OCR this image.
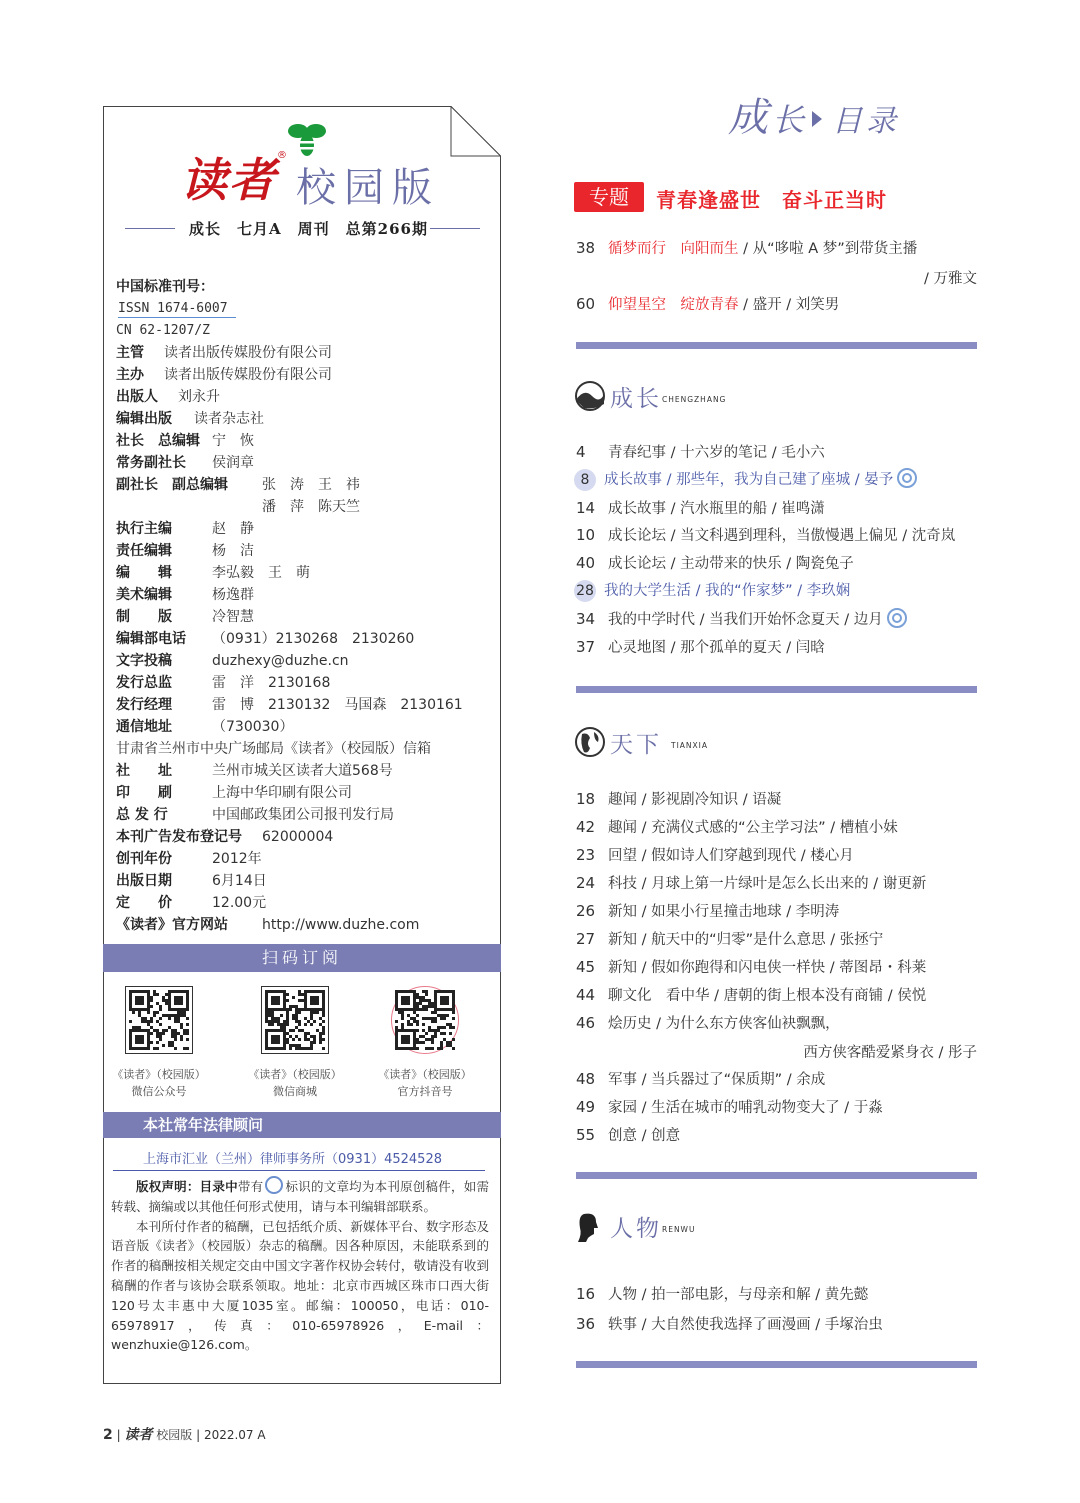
读者 ®
校园版
成长　七月A　周刊　总第266期
中国标准刊号：
ISSN 1674-6007
CN 62-1207/Z
主管 读者出版传媒股份有限公司
主办 读者出版传媒股份有限公司
出版人 刘永升
编辑出版 读者杂志社
社长　总编辑 宁　恢
常务副社长 侯润章
副社长　副总编辑 张　涛　王　祎
潘　萍　陈天竺
执行主编	赵　静
责任编辑	杨　洁
编　　辑	李弘毅　王　萌
美术编辑	杨逸群
制　　版	冷智慧
编辑部电话 （0931）2130268　2130260
文字投稿	duzhexy@duzhe.cn
发行总监	雷　洋　2130168
发行经理	雷　博　2130132　马国森　2130161
通信地址	（730030）
甘肃省兰州市中央广场邮局《读者》（校园版）信箱
社　　址	兰州市城关区读者大道568号
印　　刷	上海中华印刷有限公司
总 发 行	中国邮政集团公司报刊发行局
本刊广告发布登记号 62000004
创刊年份	2012年
出版日期	6月14日
定　　价	12.00元
《读者》官方网站 http://www.duzhe.com
扫码订阅
《读者》（校园版）
微信公众号
《读者》（校园版）
微信商城
《读者》（校园版）
官方抖音号
本社常年法律顾问
上海市汇业（兰州）律师事务所（0931）4524528

版权声明：目录中带有 标识的文章均为本刊原创稿件，如需转载、摘编或以其他任何形式使用，请与本刊编辑部联系。

本刊所付作者的稿酬，已包括纸介质、新媒体平台、数字形态及语音版《读者》（校园版）杂志的稿酬。因各种原因，未能联系到的作者的稿酬按相关规定交由中国文字著作权协会转付，敬请没有收到稿酬的作者与该协会联系领取。地址：北京市西城区珠市口西大街120号太丰惠中大厦1035室。邮编：100050，电话：010-65978917，传真：010-65978926，E-mail：wenzhuxie@126.com。

成 长 目录
专题	青春逢盛世　奋斗正当时
38 循梦而行　向阳而生 / 从“哆啦 A 梦”到带货主播
/ 万雅文
60 仰望星空　绽放青春 / 盛开 / 刘笑男
成长 CHENGZHANG
4 青春纪事 / 十六岁的笔记 / 毛小六
8 成长故事 / 那些年，我为自己建了座城 / 晏予
14 成长故事 / 汽水瓶里的船 / 崔鸣潇
10 成长论坛 / 当文科遇到理科，当傲慢遇上偏见 / 沈奇岚
40 成长论坛 / 主动带来的快乐 / 陶瓷兔子
28 我的大学生活 / 我的“作家梦” / 李玖娴
34 我的中学时代 / 当我们开始怀念夏天 / 边月
37 心灵地图 / 那个孤单的夏天 / 闫晗
天下 TIANXIA
18 趣闻 / 影视剧冷知识 / 语凝
42 趣闻 / 充满仪式感的“公主学习法” / 槽植小妹
23 回望 / 假如诗人们穿越到现代 / 楼心月
24 科技 / 月球上第一片绿叶是怎么长出来的 / 谢更新
26 新知 / 如果小行星撞击地球 / 李明涛
27 新知 / 航天中的“归零”是什么意思 / 张拯宁
45 新知 / 假如你跑得和闪电侠一样快 / 蒂图昂・科莱
44 聊文化　看中华 / 唐朝的街上根本没有商铺 / 侯悦
46 烩历史 / 为什么东方侠客仙袂飘飘，
西方侠客酷爱紧身衣 / 彤子
48 军事 / 当兵器过了“保质期” / 余成
49 家园 / 生活在城市的哺乳动物变大了 / 于淼
55 创意 / 创意
人物 RENWU
16 人物 / 拍一部电影，与母亲和解 / 黄先懿
36 轶事 / 大自然使我选择了画漫画 / 手塚治虫
2 | 读者 校园版 | 2022.07 A
